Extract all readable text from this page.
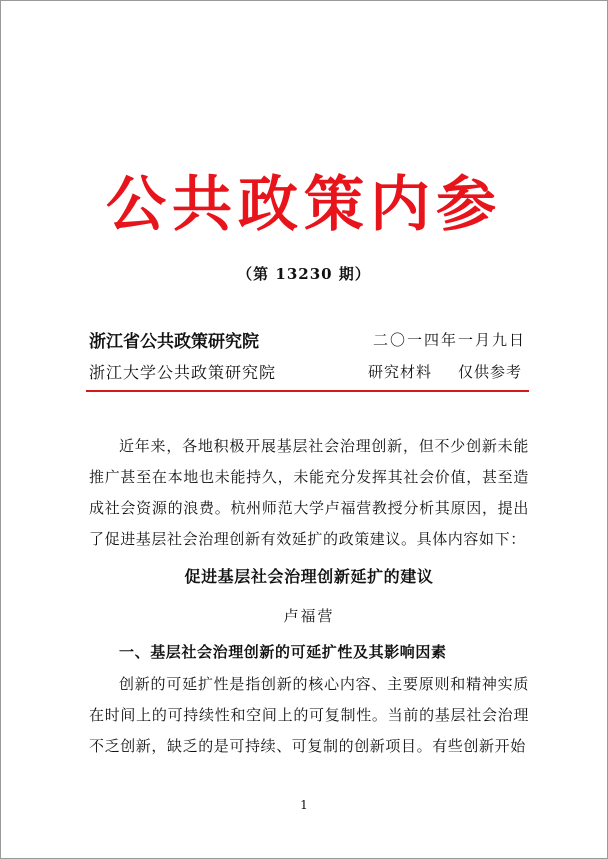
公共政策内参
（第 13230 期）
浙江省公共政策研究院	二〇一四年一月九日
浙江大学公共政策研究院	研究材料 仅供参考

近年来，各地积极开展基层社会治理创新，但不少创新未能推广甚至在本地也未能持久，未能充分发挥其社会价值，甚至造成社会资源的浪费。杭州师范大学卢福营教授分析其原因，提出了促进基层社会治理创新有效延扩的政策建议。具体内容如下：

促进基层社会治理创新延扩的建议

卢福营

一、基层社会治理创新的可延扩性及其影响因素

创新的可延扩性是指创新的核心内容、主要原则和精神实质在时间上的可持续性和空间上的可复制性。当前的基层社会治理不乏创新，缺乏的是可持续、可复制的创新项目。有些创新开始

1
